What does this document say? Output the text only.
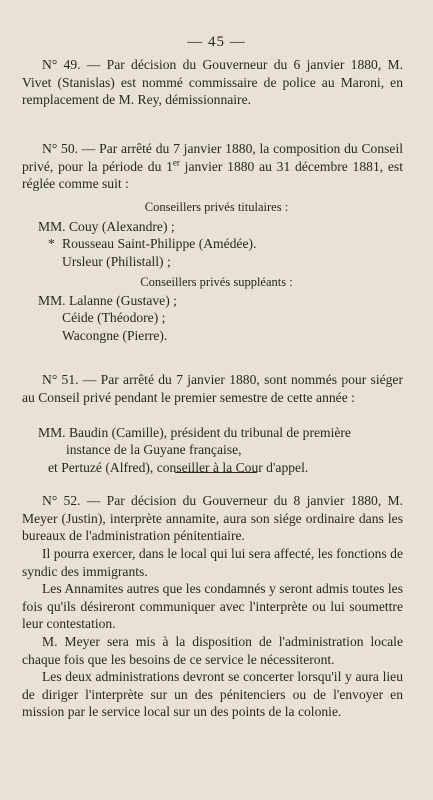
— 45 —
N° 49. — Par décision du Gouverneur du 6 janvier 1880, M. Vivet (Stanislas) est nommé commissaire de police au Maroni, en remplacement de M. Rey, démissionnaire.
N° 50. — Par arrêté du 7 janvier 1880, la composition du Conseil privé, pour la période du 1er janvier 1880 au 31 décembre 1881, est réglée comme suit :
Conseillers privés titulaires :
MM. Couy (Alexandre) ;
* Rousseau Saint-Philippe (Amédée).
Ursleur (Philistall) ;
Conseillers privés suppléants :
MM. Lalanne (Gustave) ;
Céide (Théodore) ;
Wacongne (Pierre).
N° 51. — Par arrêté du 7 janvier 1880, sont nommés pour siéger au Conseil privé pendant le premier semestre de cette année :
MM. Baudin (Camille), président du tribunal de première
instance de la Guyane française,
et Pertuzé (Alfred), conseiller à la Cour d'appel.
N° 52. — Par décision du Gouverneur du 8 janvier 1880, M. Meyer (Justin), interprète annamite, aura son siége ordinaire dans les bureaux de l'administration pénitentiaire.
Il pourra exercer, dans le local qui lui sera affecté, les fonctions de syndic des immigrants.
Les Annamites autres que les condamnés y seront admis toutes les fois qu'ils désireront communiquer avec l'interprète ou lui soumettre leur contestation.
M. Meyer sera mis à la disposition de l'administration locale chaque fois que les besoins de ce service le nécessiteront.
Les deux administrations devront se concerter lorsqu'il y aura lieu de diriger l'interprète sur un des pénitenciers ou de l'envoyer en mission par le service local sur un des points de la colonie.
